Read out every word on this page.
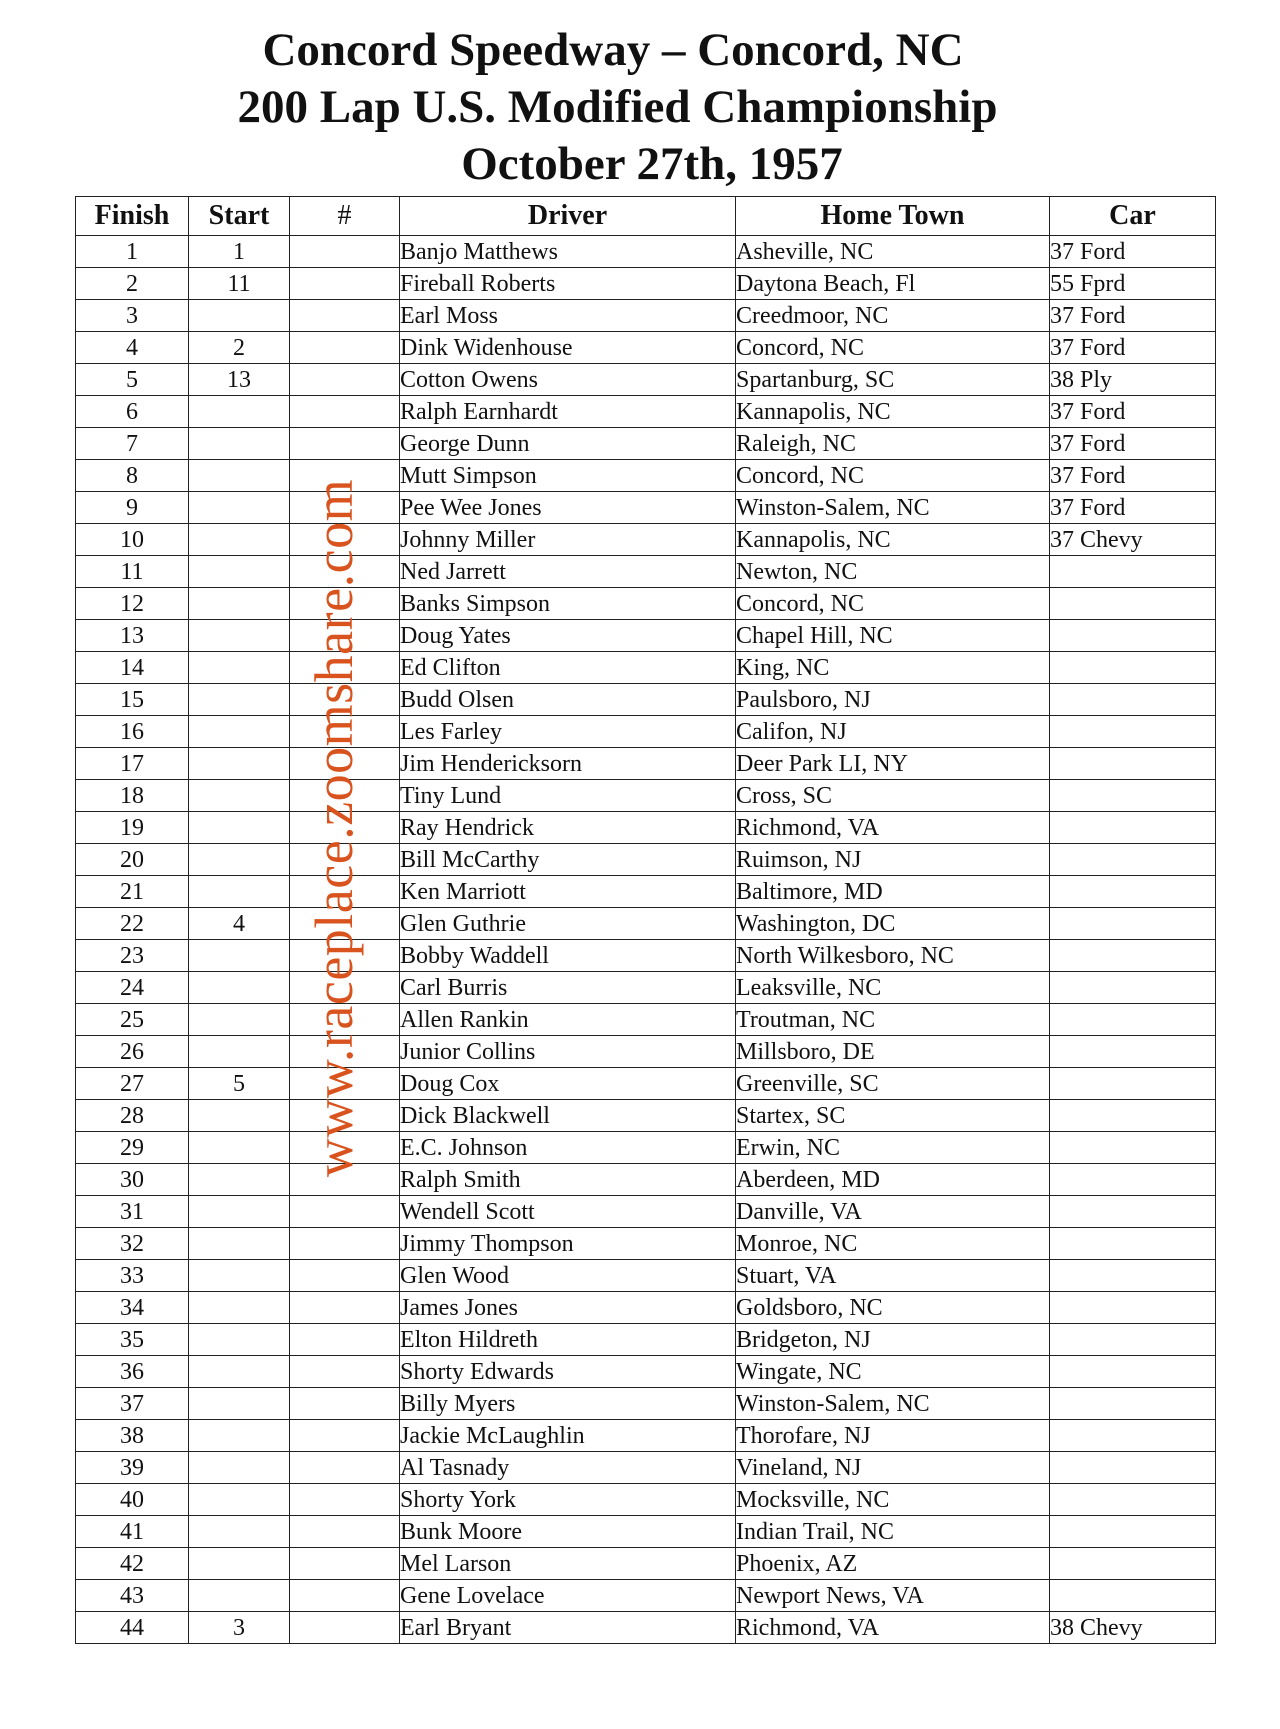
Concord Speedway – Concord, NC
200 Lap U.S. Modified Championship
October 27th, 1957
Finish	Start	#	Driver	Home Town	Car
1	1		Banjo Matthews	Asheville, NC	37 Ford
2	11		Fireball Roberts	Daytona Beach, Fl	55 Fprd
3			Earl Moss	Creedmoor, NC	37 Ford
4	2		Dink Widenhouse	Concord, NC	37 Ford
5	13		Cotton Owens	Spartanburg, SC	38 Ply
6			Ralph Earnhardt	Kannapolis, NC	37 Ford
7			George Dunn	Raleigh, NC	37 Ford
8			Mutt Simpson	Concord, NC	37 Ford
9			Pee Wee Jones	Winston-Salem, NC	37 Ford
10			Johnny Miller	Kannapolis, NC	37 Chevy
11			Ned Jarrett	Newton, NC	
12			Banks Simpson	Concord, NC	
13			Doug Yates	Chapel Hill, NC	
14			Ed Clifton	King, NC	
15			Budd Olsen	Paulsboro, NJ	
16			Les Farley	Califon, NJ	
17			Jim Hendericksorn	Deer Park LI, NY	
18			Tiny Lund	Cross, SC	
19			Ray Hendrick	Richmond, VA	
20			Bill McCarthy	Ruimson, NJ	
21			Ken Marriott	Baltimore, MD	
22	4		Glen Guthrie	Washington, DC	
23			Bobby Waddell	North Wilkesboro, NC	
24			Carl Burris	Leaksville, NC	
25			Allen Rankin	Troutman, NC	
26			Junior Collins	Millsboro, DE	
27	5		Doug Cox	Greenville, SC	
28			Dick Blackwell	Startex, SC	
29			E.C. Johnson	Erwin, NC	
30			Ralph Smith	Aberdeen, MD	
31			Wendell Scott	Danville, VA	
32			Jimmy Thompson	Monroe, NC	
33			Glen Wood	Stuart, VA	
34			James Jones	Goldsboro, NC	
35			Elton Hildreth	Bridgeton, NJ	
36			Shorty Edwards	Wingate, NC	
37			Billy Myers	Winston-Salem, NC	
38			Jackie McLaughlin	Thorofare, NJ	
39			Al Tasnady	Vineland, NJ	
40			Shorty York	Mocksville, NC	
41			Bunk Moore	Indian Trail, NC	
42			Mel Larson	Phoenix, AZ	
43			Gene Lovelace	Newport News, VA	
44	3		Earl Bryant	Richmond, VA	38 Chevy
www.raceplace.zoomshare.com
